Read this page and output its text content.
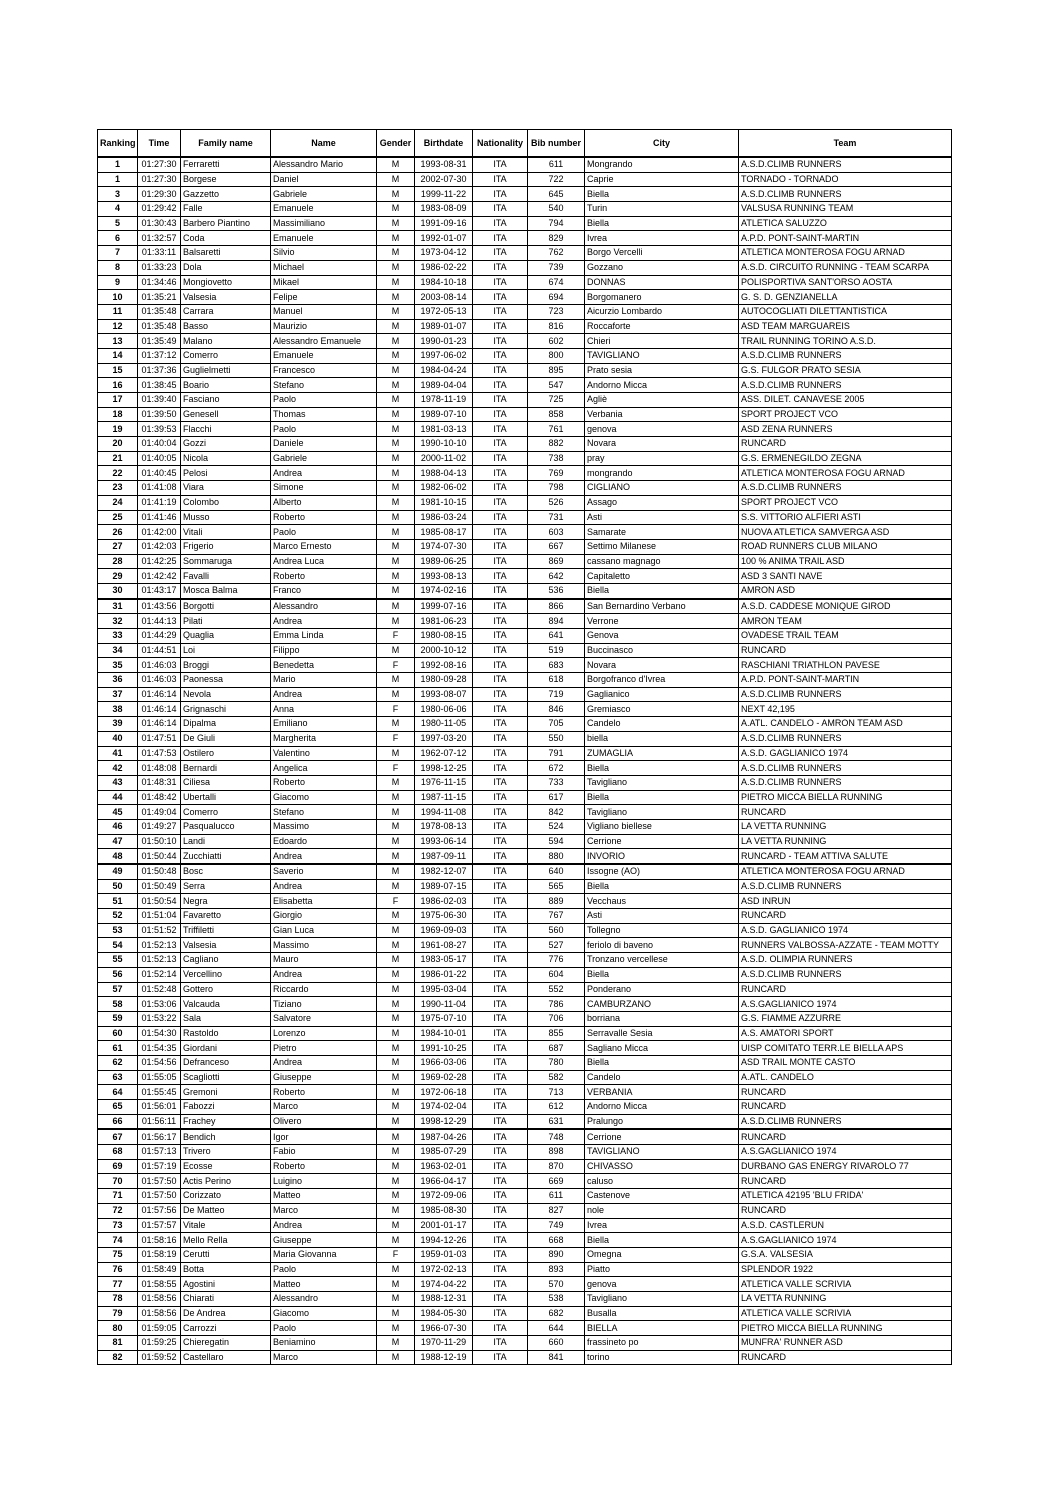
Ranking	Time	Family name	Name	Gender	Birthdate	Nationality	Bib number	City	Team
1	01:27:30	Ferraretti	Alessandro Mario	M	1993-08-31	ITA	611	Mongrando	A.S.D.CLIMB RUNNERS
1	01:27:30	Borgese	Daniel	M	2002-07-30	ITA	722	Caprie	TORNADO - TORNADO
3	01:29:30	Gazzetto	Gabriele	M	1999-11-22	ITA	645	Biella	A.S.D.CLIMB RUNNERS
4	01:29:42	Falle	Emanuele	M	1983-08-09	ITA	540	Turin	VALSUSA RUNNING TEAM
5	01:30:43	Barbero Piantino	Massimiliano	M	1991-09-16	ITA	794	Biella	ATLETICA SALUZZO
6	01:32:57	Coda	Emanuele	M	1992-01-07	ITA	829	Ivrea	A.P.D. PONT-SAINT-MARTIN
7	01:33:11	Balsaretti	Silvio	M	1973-04-12	ITA	762	Borgo Vercelli	ATLETICA MONTEROSA FOGU ARNAD
8	01:33:23	Dola	Michael	M	1986-02-22	ITA	739	Gozzano	A.S.D. CIRCUITO RUNNING - TEAM SCARPA
9	01:34:46	Mongiovetto	Mikael	M	1984-10-18	ITA	674	DONNAS	POLISPORTIVA SANT'ORSO AOSTA
10	01:35:21	Valsesia	Felipe	M	2003-08-14	ITA	694	Borgomanero	G. S. D. GENZIANELLA
11	01:35:48	Carrara	Manuel	M	1972-05-13	ITA	723	Aicurzio Lombardo	AUTOCOGLIATI DILETTANTISTICA
12	01:35:48	Basso	Maurizio	M	1989-01-07	ITA	816	Roccaforte	ASD TEAM MARGUAREIS
13	01:35:49	Malano	Alessandro Emanuele	M	1990-01-23	ITA	602	Chieri	TRAIL RUNNING TORINO A.S.D.
14	01:37:12	Comerro	Emanuele	M	1997-06-02	ITA	800	TAVIGLIANO	A.S.D.CLIMB RUNNERS
15	01:37:36	Guglielmetti	Francesco	M	1984-04-24	ITA	895	Prato sesia	G.S. FULGOR PRATO SESIA
16	01:38:45	Boario	Stefano	M	1989-04-04	ITA	547	Andorno Micca	A.S.D.CLIMB RUNNERS
17	01:39:40	Fasciano	Paolo	M	1978-11-19	ITA	725	Agliè	ASS. DILET. CANAVESE 2005
18	01:39:50	Genesell	Thomas	M	1989-07-10	ITA	858	Verbania	SPORT PROJECT VCO
19	01:39:53	Flacchi	Paolo	M	1981-03-13	ITA	761	genova	ASD ZENA RUNNERS
20	01:40:04	Gozzi	Daniele	M	1990-10-10	ITA	882	Novara	RUNCARD
21	01:40:05	Nicola	Gabriele	M	2000-11-02	ITA	738	pray	G.S. ERMENEGILDO ZEGNA
22	01:40:45	Pelosi	Andrea	M	1988-04-13	ITA	769	mongrando	ATLETICA MONTEROSA FOGU ARNAD
23	01:41:08	Viara	Simone	M	1982-06-02	ITA	798	CIGLIANO	A.S.D.CLIMB RUNNERS
24	01:41:19	Colombo	Alberto	M	1981-10-15	ITA	526	Assago	SPORT PROJECT VCO
25	01:41:46	Musso	Roberto	M	1986-03-24	ITA	731	Asti	S.S. VITTORIO ALFIERI ASTI
26	01:42:00	Vitali	Paolo	M	1985-08-17	ITA	603	Samarate	NUOVA ATLETICA SAMVERGA ASD
27	01:42:03	Frigerio	Marco Ernesto	M	1974-07-30	ITA	667	Settimo Milanese	ROAD RUNNERS CLUB MILANO
28	01:42:25	Sommaruga	Andrea Luca	M	1989-06-25	ITA	869	cassano magnago	100 % ANIMA TRAIL ASD
29	01:42:42	Favalli	Roberto	M	1993-08-13	ITA	642	Capitaletto	ASD 3 SANTI NAVE
30	01:43:17	Mosca Balma	Franco	M	1974-02-16	ITA	536	Biella	AMRON ASD
31	01:43:56	Borgotti	Alessandro	M	1999-07-16	ITA	866	San Bernardino Verbano	A.S.D. CADDESE MONIQUE GIROD
32	01:44:13	Pilati	Andrea	M	1981-06-23	ITA	894	Verrone	AMRON TEAM
33	01:44:29	Quaglia	Emma Linda	F	1980-08-15	ITA	641	Genova	OVADESE TRAIL TEAM
34	01:44:51	Loi	Filippo	M	2000-10-12	ITA	519	Buccinasco	RUNCARD
35	01:46:03	Broggi	Benedetta	F	1992-08-16	ITA	683	Novara	RASCHIANI TRIATHLON PAVESE
36	01:46:03	Paonessa	Mario	M	1980-09-28	ITA	618	Borgofranco d'Ivrea	A.P.D. PONT-SAINT-MARTIN
37	01:46:14	Nevola	Andrea	M	1993-08-07	ITA	719	Gaglianico	A.S.D.CLIMB RUNNERS
38	01:46:14	Grignaschi	Anna	F	1980-06-06	ITA	846	Gremiasco	NEXT 42,195
39	01:46:14	Dipalma	Emiliano	M	1980-11-05	ITA	705	Candelo	A.ATL. CANDELO - AMRON TEAM ASD
40	01:47:51	De Giuli	Margherita	F	1997-03-20	ITA	550	biella	A.S.D.CLIMB RUNNERS
41	01:47:53	Ostilero	Valentino	M	1962-07-12	ITA	791	ZUMAGLIA	A.S.D. GAGLIANICO 1974
42	01:48:08	Bernardi	Angelica	F	1998-12-25	ITA	672	Biella	A.S.D.CLIMB RUNNERS
43	01:48:31	Ciliesa	Roberto	M	1976-11-15	ITA	733	Tavigliano	A.S.D.CLIMB RUNNERS
44	01:48:42	Ubertalli	Giacomo	M	1987-11-15	ITA	617	Biella	PIETRO MICCA BIELLA RUNNING
45	01:49:04	Comerro	Stefano	M	1994-11-08	ITA	842	Tavigliano	RUNCARD
46	01:49:27	Pasqualucco	Massimo	M	1978-08-13	ITA	524	Vigliano biellese	LA VETTA RUNNING
47	01:50:10	Landi	Edoardo	M	1993-06-14	ITA	594	Cerrione	LA VETTA RUNNING
48	01:50:44	Zucchiatti	Andrea	M	1987-09-11	ITA	880	INVORIO	RUNCARD - TEAM ATTIVA SALUTE
49	01:50:48	Bosc	Saverio	M	1982-12-07	ITA	640	Issogne (AO)	ATLETICA MONTEROSA FOGU ARNAD
50	01:50:49	Serra	Andrea	M	1989-07-15	ITA	565	Biella	A.S.D.CLIMB RUNNERS
51	01:50:54	Negra	Elisabetta	F	1986-02-03	ITA	889	Vecchaus	ASD INRUN
52	01:51:04	Favaretto	Giorgio	M	1975-06-30	ITA	767	Asti	RUNCARD
53	01:51:52	Triffiletti	Gian Luca	M	1969-09-03	ITA	560	Tollegno	A.S.D. GAGLIANICO 1974
54	01:52:13	Valsesia	Massimo	M	1961-08-27	ITA	527	feriolo di baveno	RUNNERS VALBOSSA-AZZATE - TEAM MOTTY
55	01:52:13	Cagliano	Mauro	M	1983-05-17	ITA	776	Tronzano vercellese	A.S.D. OLIMPIA RUNNERS
56	01:52:14	Vercellino	Andrea	M	1986-01-22	ITA	604	Biella	A.S.D.CLIMB RUNNERS
57	01:52:48	Gottero	Riccardo	M	1995-03-04	ITA	552	Ponderano	RUNCARD
58	01:53:06	Valcauda	Tiziano	M	1990-11-04	ITA	786	CAMBURZANO	A.S.GAGLIANICO 1974
59	01:53:22	Sala	Salvatore	M	1975-07-10	ITA	706	borriana	G.S. FIAMME AZZURRE
60	01:54:30	Rastoldo	Lorenzo	M	1984-10-01	ITA	855	Serravalle Sesia	A.S. AMATORI SPORT
61	01:54:35	Giordani	Pietro	M	1991-10-25	ITA	687	Sagliano Micca	UISP COMITATO TERR.LE BIELLA APS
62	01:54:56	Defranceso	Andrea	M	1966-03-06	ITA	780	Biella	ASD TRAIL MONTE CASTO
63	01:55:05	Scagliotti	Giuseppe	M	1969-02-28	ITA	582	Candelo	A.ATL. CANDELO
64	01:55:45	Gremoni	Roberto	M	1972-06-18	ITA	713	VERBANIA	RUNCARD
65	01:56:01	Fabozzi	Marco	M	1974-02-04	ITA	612	Andorno Micca	RUNCARD
66	01:56:11	Frachey	Olivero	M	1998-12-29	ITA	631	Pralungo	A.S.D.CLIMB RUNNERS
67	01:56:17	Bendich	Igor	M	1987-04-26	ITA	748	Cerrione	RUNCARD
68	01:57:13	Trivero	Fabio	M	1985-07-29	ITA	898	TAVIGLIANO	A.S.GAGLIANICO 1974
69	01:57:19	Ecosse	Roberto	M	1963-02-01	ITA	870	CHIVASSO	DURBANO GAS ENERGY RIVAROLO 77
70	01:57:50	Actis Perino	Luigino	M	1966-04-17	ITA	669	caluso	RUNCARD
71	01:57:50	Corizzato	Matteo	M	1972-09-06	ITA	611	Castenove	ATLETICA 42195 'BLU FRIDA'
72	01:57:56	De Matteo	Marco	M	1985-08-30	ITA	827	nole	RUNCARD
73	01:57:57	Vitale	Andrea	M	2001-01-17	ITA	749	Ivrea	A.S.D. CASTLERUN
74	01:58:16	Mello Rella	Giuseppe	M	1994-12-26	ITA	668	Biella	A.S.GAGLIANICO 1974
75	01:58:19	Cerutti	Maria Giovanna	F	1959-01-03	ITA	890	Omegna	G.S.A. VALSESIA
76	01:58:49	Botta	Paolo	M	1972-02-13	ITA	893	Piatto	SPLENDOR 1922
77	01:58:55	Agostini	Matteo	M	1974-04-22	ITA	570	genova	ATLETICA VALLE SCRIVIA
78	01:58:56	Chiarati	Alessandro	M	1988-12-31	ITA	538	Tavigliano	LA VETTA RUNNING
79	01:58:56	De Andrea	Giacomo	M	1984-05-30	ITA	682	Busalla	ATLETICA VALLE SCRIVIA
80	01:59:05	Carrozzi	Paolo	M	1966-07-30	ITA	644	BIELLA	PIETRO MICCA BIELLA RUNNING
81	01:59:25	Chieregatin	Beniamino	M	1970-11-29	ITA	660	frassineto po	MUNFRA' RUNNER ASD
82	01:59:52	Castellaro	Marco	M	1988-12-19	ITA	841	torino	RUNCARD
